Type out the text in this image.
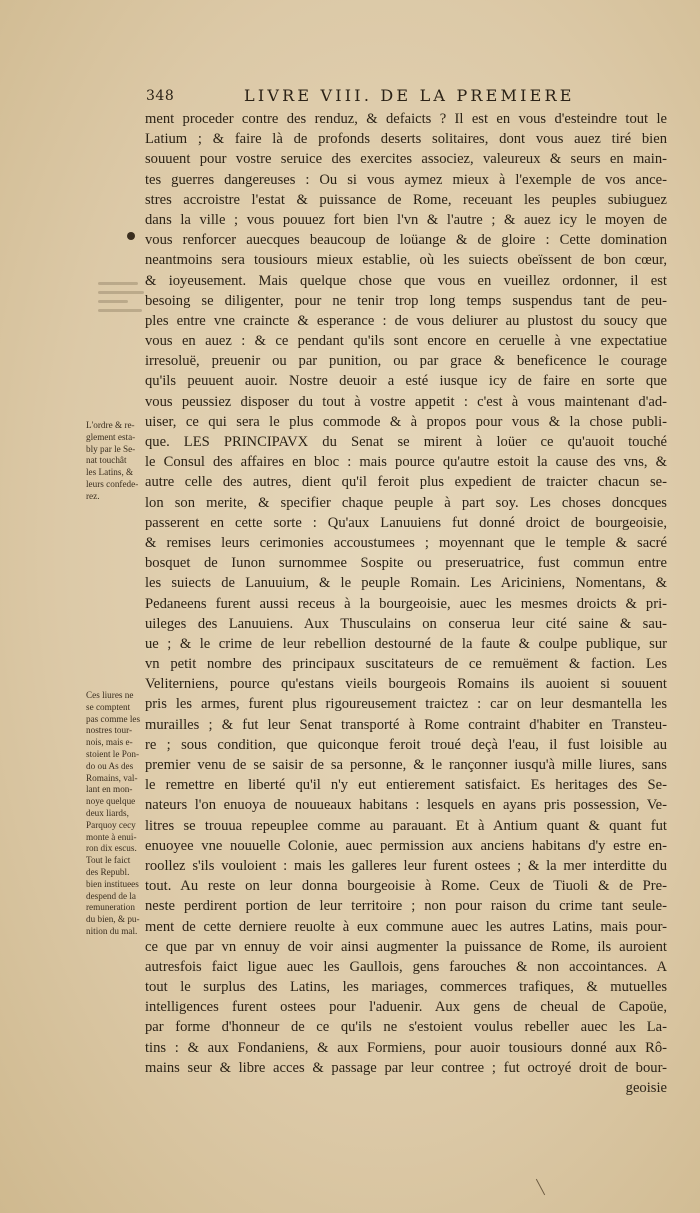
348	LIVRE VIII. DE LA PREMIERE
ment proceder contre des renduz, & defaicts ? Il est en vous d'esteindre tout le
Latium ; & faire là de profonds deserts solitaires, dont vous auez tiré bien
souuent pour vostre seruice des exercites associez, valeureux & seurs en main-
tes guerres dangereuses : Ou si vous aymez mieux à l'exemple de vos ance-
stres accroistre l'estat & puissance de Rome, receuant les peuples subiuguez
dans la ville ; vous pouuez fort bien l'vn & l'autre ; & auez icy le moyen de
vous renforcer auecques beaucoup de loüange & de gloire : Cette domination
neantmoins sera tousiours mieux establie, où les suiects obeïssent de bon cœur,
& ioyeusement. Mais quelque chose que vous en vueillez ordonner, il est
besoing se diligenter, pour ne tenir trop long temps suspendus tant de peu-
ples entre vne craincte & esperance : de vous deliurer au plustost du soucy que
vous en auez : & ce pendant qu'ils sont encore en ceruelle à vne expectatiue
irresoluë, preuenir ou par punition, ou par grace & beneficence le courage
qu'ils peuuent auoir. Nostre deuoir a esté iusque icy de faire en sorte que
vous peussiez disposer du tout à vostre appetit : c'est à vous maintenant d'ad-
uiser, ce qui sera le plus commode & à propos pour vous & la chose publi-
que. LES PRINCIPAVX du Senat se mirent à loüer ce qu'auoit touché
le Consul des affaires en bloc : mais pource qu'autre estoit la cause des vns, &
autre celle des autres, dient qu'il feroit plus expedient de traicter chacun se-
lon son merite, & specifier chaque peuple à part soy. Les choses doncques
passerent en cette sorte : Qu'aux Lanuuiens fut donné droict de bourgeoisie,
& remises leurs cerimonies accoustumees ; moyennant que le temple & sacré
bosquet de Iunon surnommee Sospite ou preseruatrice, fust commun entre
les suiects de Lanuuium, & le peuple Romain. Les Ariciniens, Nomentans, &
Pedaneens furent aussi receus à la bourgeoisie, auec les mesmes droicts & pri-
uileges des Lanuuiens. Aux Thusculains on conserua leur cité saine & sau-
ue ; & le crime de leur rebellion destourné de la faute & coulpe publique, sur
vn petit nombre des principaux suscitateurs de ce remuëment & faction. Les
Veliterniens, pource qu'estans vieils bourgeois Romains ils auoient si souuent
pris les armes, furent plus rigoureusement traictez : car on leur desmantella les
murailles ; & fut leur Senat transporté à Rome contraint d'habiter en Transteu-
re ; sous condition, que quiconque feroit troué deçà l'eau, il fust loisible au
premier venu de se saisir de sa personne, & le rançonner iusqu'à mille liures, sans
le remettre en liberté qu'il n'y eut entierement satisfaict. Es heritages des Se-
nateurs l'on enuoya de nouueaux habitans : lesquels en ayans pris possession, Ve-
litres se trouua repeuplee comme au parauant. Et à Antium quant & quant fut
enuoyee vne nouuelle Colonie, auec permission aux anciens habitans d'y estre en-
roollez s'ils vouloient : mais les galleres leur furent ostees ; & la mer interditte du
tout. Au reste on leur donna bourgeoisie à Rome. Ceux de Tiuoli & de Pre-
neste perdirent portion de leur territoire ; non pour raison du crime tant seule-
ment de cette derniere reuolte à eux commune auec les autres Latins, mais pour-
ce que par vn ennuy de voir ainsi augmenter la puissance de Rome, ils auroient
autresfois faict ligue auec les Gaullois, gens farouches & non accointances. A
tout le surplus des Latins, les mariages, commerces trafiques, & mutuelles
intelligences furent ostees pour l'aduenir. Aux gens de cheual de Capoüe,
par forme d'honneur de ce qu'ils ne s'estoient voulus rebeller auec les La-
tins : & aux Fondaniens, & aux Formiens, pour auoir tousiours donné aux Rô-
mains seur & libre acces & passage par leur contree ; fut octroyé droit de bour-
geoisie
L'ordre & re-
glement esta-
bly par le Se-
nat touchât
les Latins, &
leurs confede-
rez.
Ces liures ne
se comptent
pas comme les
nostres tour-
nois, mais e-
stoient le Pon-
do ou As des
Romains, val-
lant en mon-
noye quelque
deux liards,
Parquoy cecy
monte à enui-
ron dix escus.
Tout le faict
des Republ.
bien instituees
despend de la
remuneration
du bien, & pu-
nition du mal.
